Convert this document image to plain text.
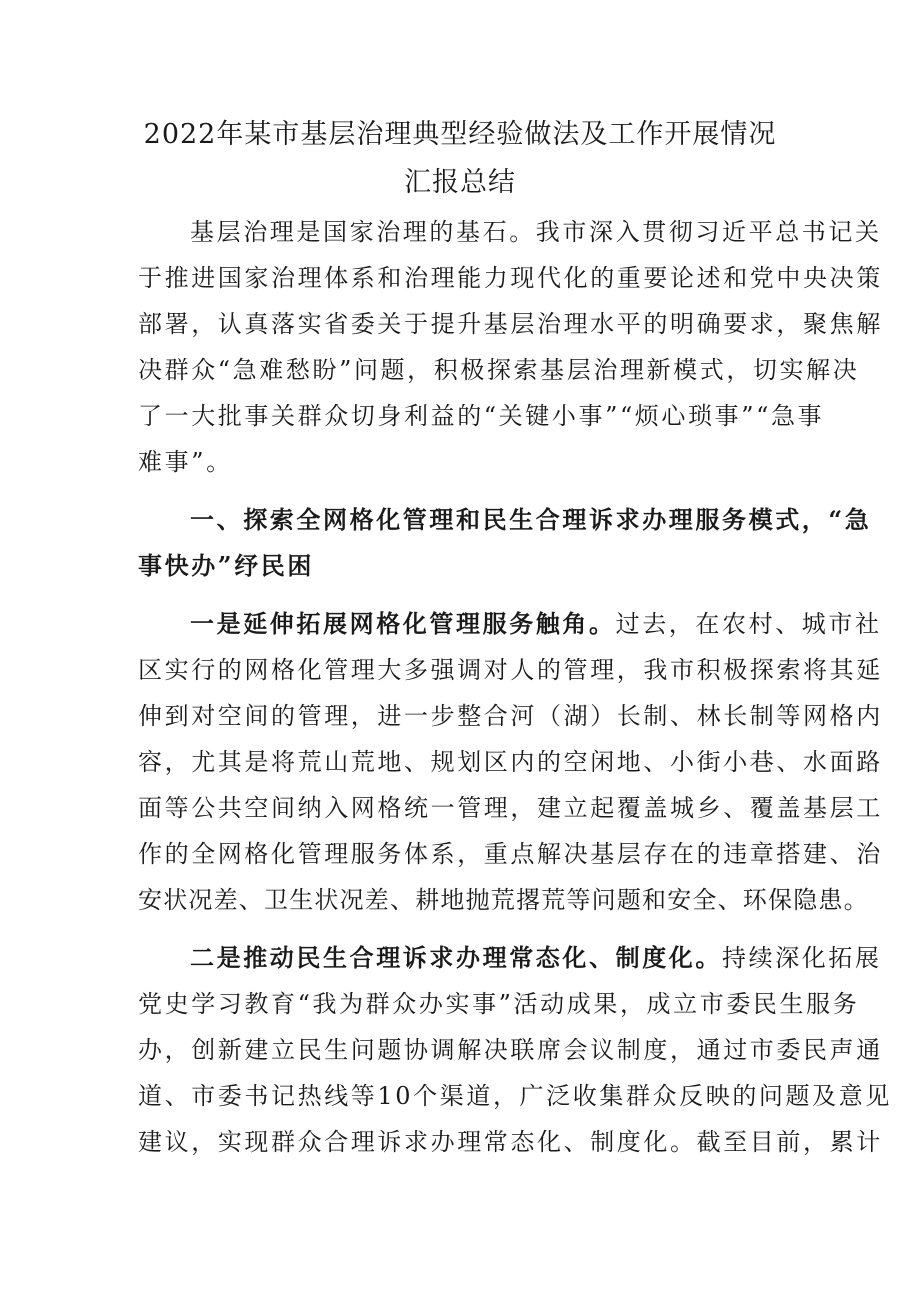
2022年某市基层治理典型经验做法及工作开展情况
汇报总结
基层治理是国家治理的基石。我市深入贯彻习近平总书记关
于推进国家治理体系和治理能力现代化的重要论述和党中央决策
部署，认真落实省委关于提升基层治理水平的明确要求，聚焦解
决群众“急难愁盼”问题，积极探索基层治理新模式，切实解决
了一大批事关群众切身利益的“关键小事”“烦心琐事”“急事
难事”。
一、探索全网格化管理和民生合理诉求办理服务模式，“急
事快办”纾民困
一是延伸拓展网格化管理服务触角。过去，在农村、城市社
区实行的网格化管理大多强调对人的管理，我市积极探索将其延
伸到对空间的管理，进一步整合河（湖）长制、林长制等网格内
容，尤其是将荒山荒地、规划区内的空闲地、小街小巷、水面路
面等公共空间纳入网格统一管理，建立起覆盖城乡、覆盖基层工
作的全网格化管理服务体系，重点解决基层存在的违章搭建、治
安状况差、卫生状况差、耕地抛荒撂荒等问题和安全、环保隐患。
二是推动民生合理诉求办理常态化、制度化。持续深化拓展
党史学习教育“我为群众办实事”活动成果，成立市委民生服务
办，创新建立民生问题协调解决联席会议制度，通过市委民声通
道、市委书记热线等10个渠道，广泛收集群众反映的问题及意见
建议，实现群众合理诉求办理常态化、制度化。截至目前，累计
